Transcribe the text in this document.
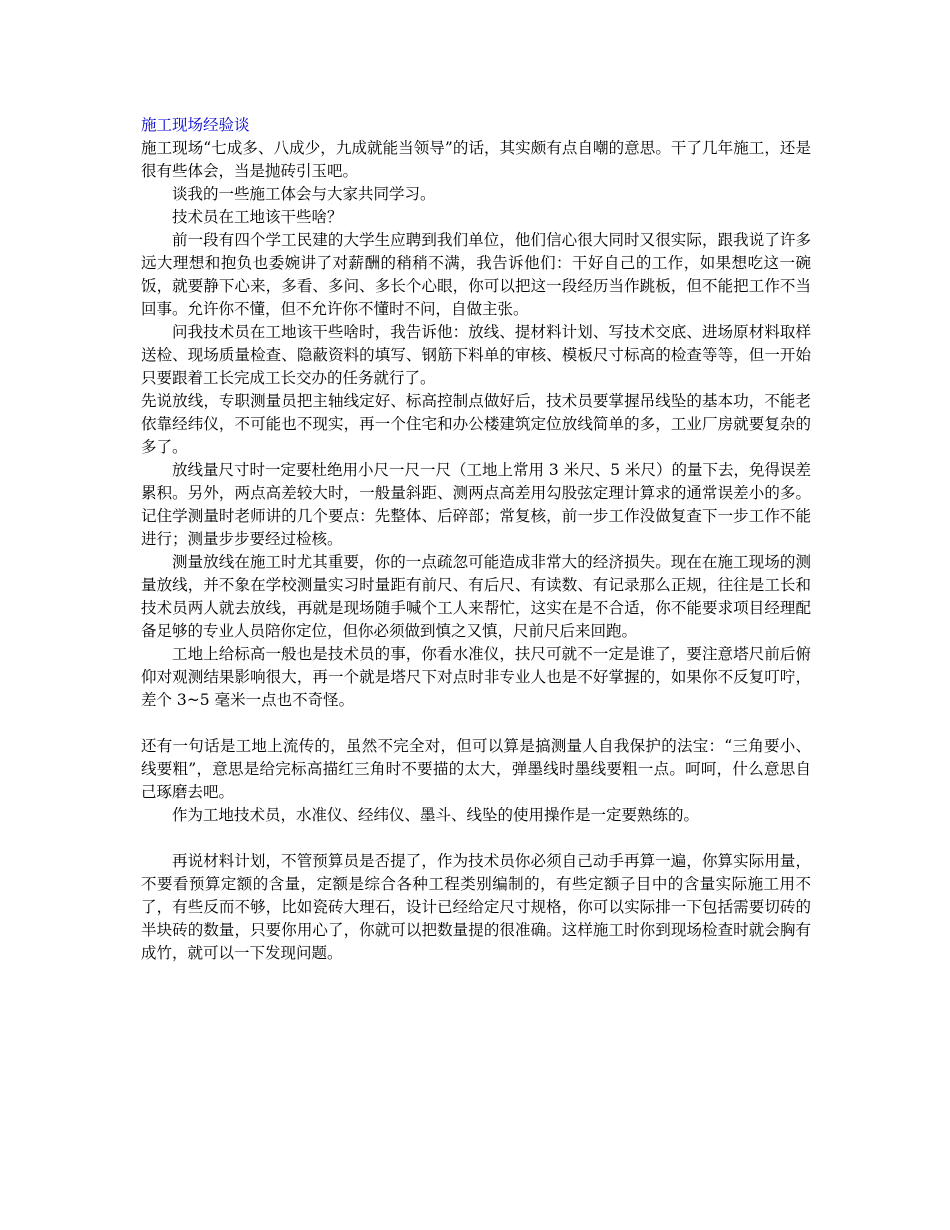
施工现场经验谈

施工现场“七成多、八成少，九成就能当领导”的话，其实颇有点自嘲的意思。干了几年施工，还是很有些体会，当是抛砖引玉吧。

谈我的一些施工体会与大家共同学习。

技术员在工地该干些啥？

前一段有四个学工民建的大学生应聘到我们单位，他们信心很大同时又很实际，跟我说了许多远大理想和抱负也委婉讲了对薪酬的稍稍不满，我告诉他们：干好自己的工作，如果想吃这一碗饭，就要静下心来，多看、多问、多长个心眼，你可以把这一段经历当作跳板，但不能把工作不当回事。允许你不懂，但不允许你不懂时不问，自做主张。

问我技术员在工地该干些啥时，我告诉他：放线、提材料计划、写技术交底、进场原材料取样送检、现场质量检查、隐蔽资料的填写、钢筋下料单的审核、模板尺寸标高的检查等等，但一开始只要跟着工长完成工长交办的任务就行了。

先说放线，专职测量员把主轴线定好、标高控制点做好后，技术员要掌握吊线坠的基本功，不能老依靠经纬仪，不可能也不现实，再一个住宅和办公楼建筑定位放线简单的多，工业厂房就要复杂的多了。

放线量尺寸时一定要杜绝用小尺一尺一尺（工地上常用 3 米尺、5 米尺）的量下去，免得误差累积。另外，两点高差较大时，一般量斜距、测两点高差用勾股弦定理计算求的通常误差小的多。记住学测量时老师讲的几个要点：先整体、后碎部；常复核，前一步工作没做复查下一步工作不能进行；测量步步要经过检核。

测量放线在施工时尤其重要，你的一点疏忽可能造成非常大的经济损失。现在在施工现场的测量放线，并不象在学校测量实习时量距有前尺、有后尺、有读数、有记录那么正规，往往是工长和技术员两人就去放线，再就是现场随手喊个工人来帮忙，这实在是不合适，你不能要求项目经理配备足够的专业人员陪你定位，但你必须做到慎之又慎，尺前尺后来回跑。

工地上给标高一般也是技术员的事，你看水准仪，扶尺可就不一定是谁了，要注意塔尺前后俯仰对观测结果影响很大，再一个就是塔尺下对点时非专业人也是不好掌握的，如果你不反复叮咛，差个 3~5 毫米一点也不奇怪。

还有一句话是工地上流传的，虽然不完全对，但可以算是搞测量人自我保护的法宝：“三角要小、线要粗”，意思是给完标高描红三角时不要描的太大，弹墨线时墨线要粗一点。呵呵，什么意思自己琢磨去吧。

作为工地技术员，水准仪、经纬仪、墨斗、线坠的使用操作是一定要熟练的。

再说材料计划，不管预算员是否提了，作为技术员你必须自己动手再算一遍，你算实际用量，不要看预算定额的含量，定额是综合各种工程类别编制的，有些定额子目中的含量实际施工用不了，有些反而不够，比如瓷砖大理石，设计已经给定尺寸规格，你可以实际排一下包括需要切砖的半块砖的数量，只要你用心了，你就可以把数量提的很准确。这样施工时你到现场检查时就会胸有成竹，就可以一下发现问题。
